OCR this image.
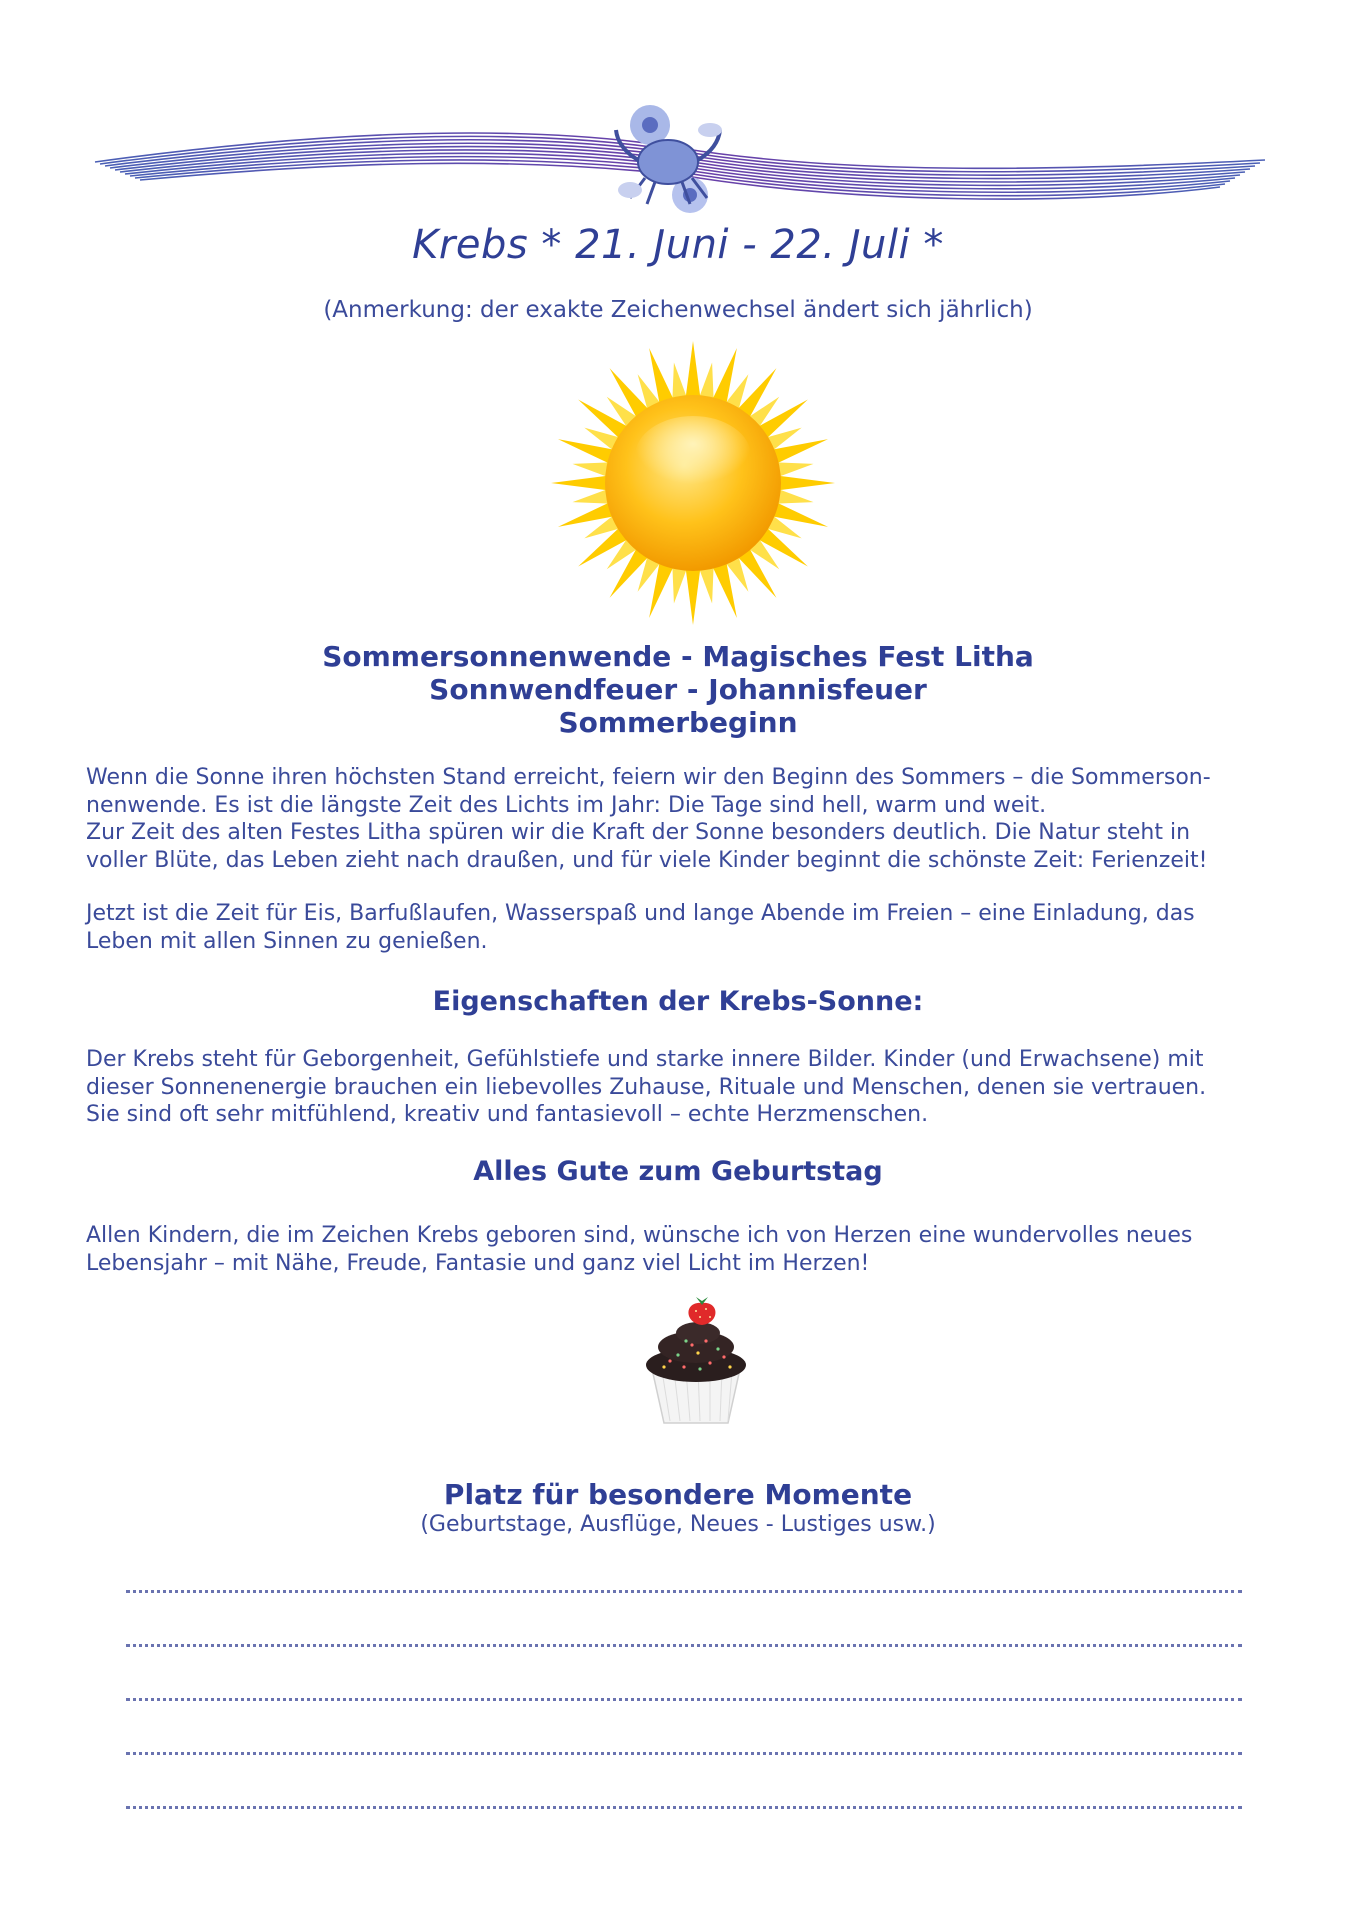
Krebs * 21. Juni - 22. Juli *
(Anmerkung: der exakte Zeichenwechsel ändert sich jährlich)
Sommersonnenwende - Magisches Fest Litha
Sonnwendfeuer - Johannisfeuer
Sommerbeginn
Wenn die Sonne ihren höchsten Stand erreicht, feiern wir den Beginn des Sommers – die Sommerson-
nenwende. Es ist die längste Zeit des Lichts im Jahr: Die Tage sind hell, warm und weit.
Zur Zeit des alten Festes Litha spüren wir die Kraft der Sonne besonders deutlich. Die Natur steht in
voller Blüte, das Leben zieht nach draußen, und für viele Kinder beginnt die schönste Zeit: Ferienzeit!
Jetzt ist die Zeit für Eis, Barfußlaufen, Wasserspaß und lange Abende im Freien – eine Einladung, das
Leben mit allen Sinnen zu genießen.
Eigenschaften der Krebs-Sonne:
Der Krebs steht für Geborgenheit, Gefühlstiefe und starke innere Bilder. Kinder (und Erwachsene) mit
dieser Sonnenenergie brauchen ein liebevolles Zuhause, Rituale und Menschen, denen sie vertrauen.
Sie sind oft sehr mitfühlend, kreativ und fantasievoll – echte Herzmenschen.
Alles Gute zum Geburtstag
Allen Kindern, die im Zeichen Krebs geboren sind, wünsche ich von Herzen eine wundervolles neues
Lebensjahr – mit Nähe, Freude, Fantasie und ganz viel Licht im Herzen!
Platz für besondere Momente
(Geburtstage, Ausflüge, Neues - Lustiges usw.)
